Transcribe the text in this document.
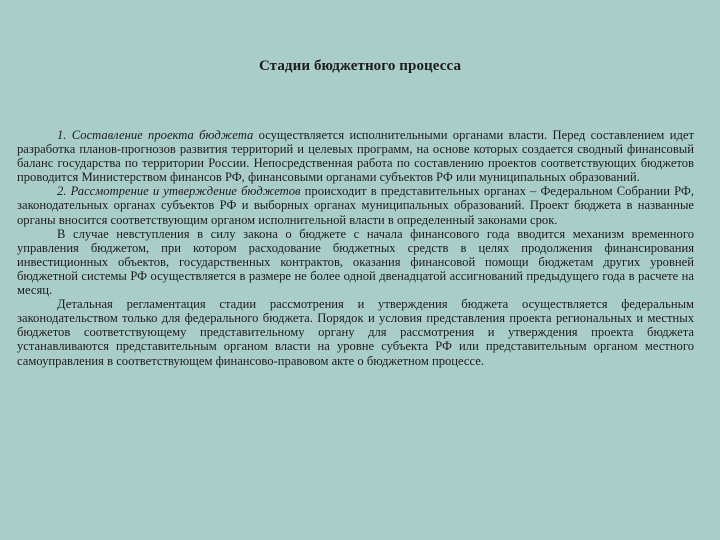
Стадии бюджетного процесса

1. Составление проекта бюджета осуществляется исполнительными органами власти. Перед составлением идет разработка планов-прогнозов развития территорий и целевых программ, на основе которых создается сводный финансовый баланс государства по территории России. Непосредственная работа по составлению проектов соответствующих бюджетов проводится Министерством финансов РФ, финансовыми органами субъектов РФ или муниципальных образований.

2. Рассмотрение и утверждение бюджетов происходит в представительных органах – Федеральном Собрании РФ, законодательных органах субъектов РФ и выборных органах муниципальных образований. Проект бюджета в названные органы вносится соответствующим органом исполнительной власти в определенный законами срок.

В случае невступления в силу закона о бюджете с начала финансового года вводится механизм временного управления бюджетом, при котором расходование бюджетных средств в целях продолжения финансирования инвестиционных объектов, государственных контрактов, оказания финансовой помощи бюджетам других уровней бюджетной системы РФ осуществляется в размере не более одной двенадцатой ассигнований предыдущего года в расчете на месяц.

Детальная регламентация стадии рассмотрения и утверждения бюджета осуществляется федеральным законодательством только для федерального бюджета. Порядок и условия представления проекта региональных и местных бюджетов соответствующему представительному органу для рассмотрения и утверждения проекта бюджета устанавливаются представительным органом власти на уровне субъекта РФ или представительным органом местного самоуправления в соответствующем финансово-правовом акте о бюджетном процессе.
